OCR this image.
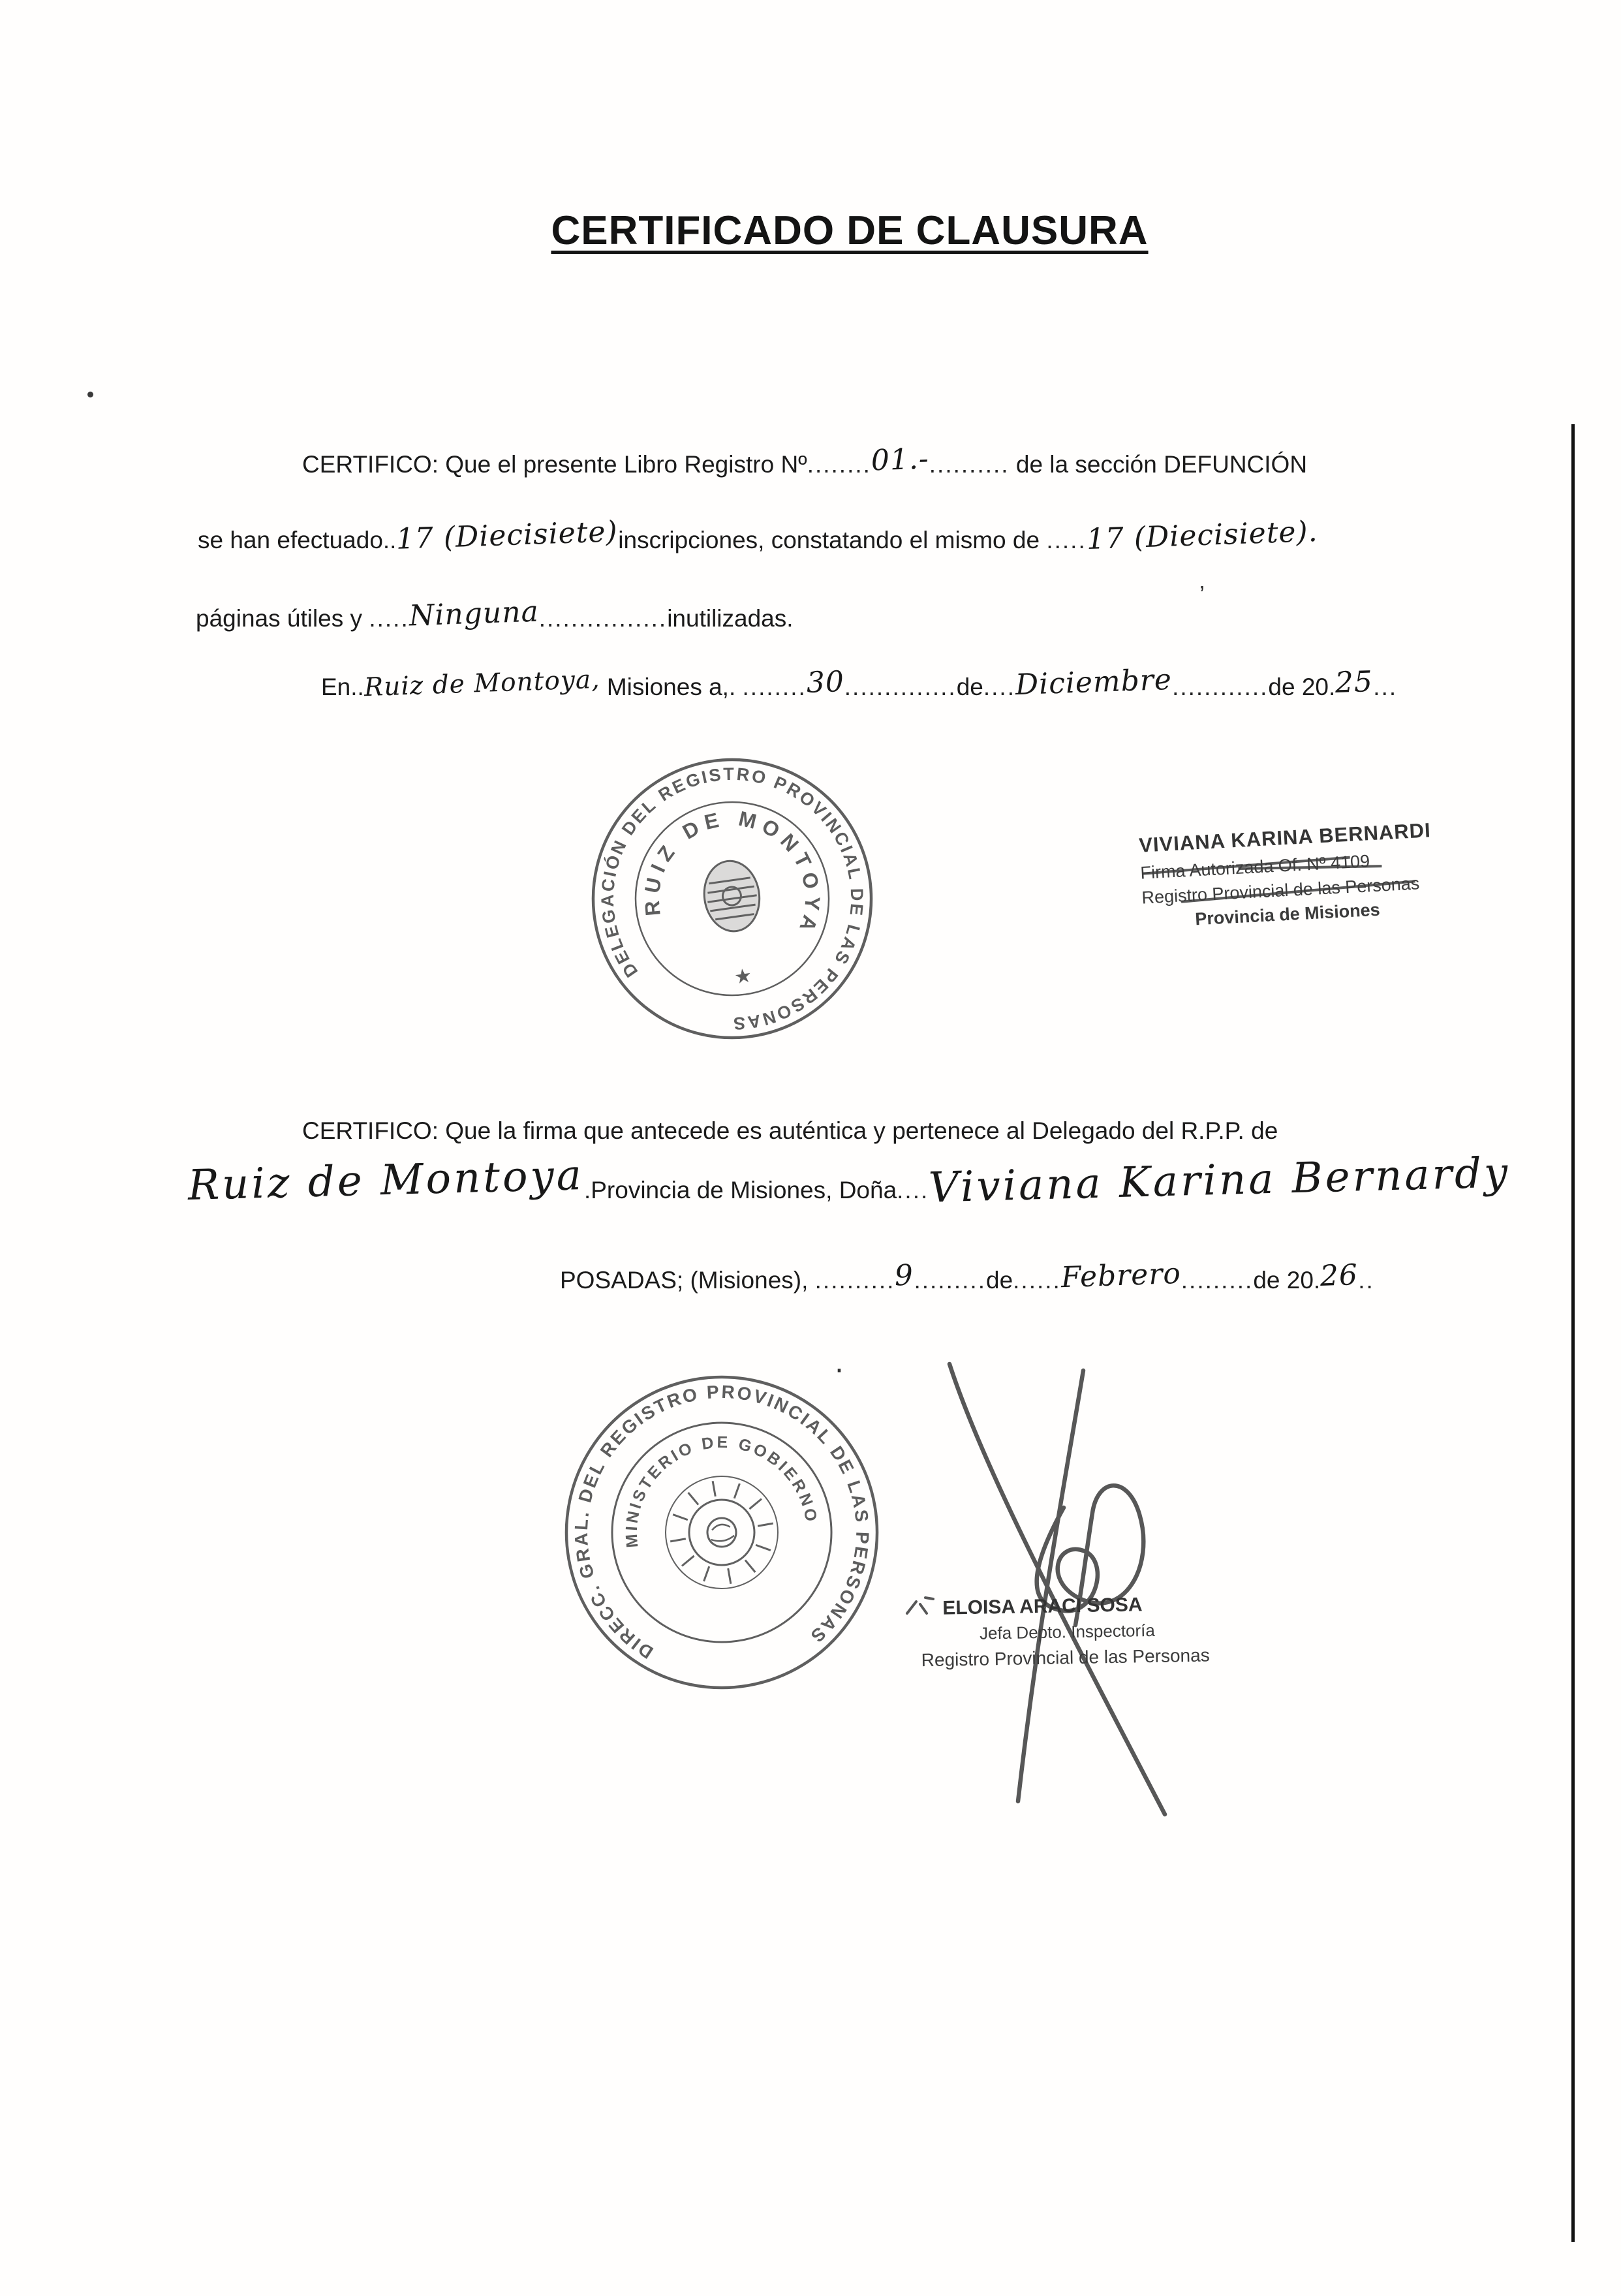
’
·
CERTIFICADO DE CLAUSURA
CERTIFICO: Que el presente Libro Registro Nº........01.-.......... de la sección DEFUNCIÓN
se han efectuado..17 (Diecisiete)inscripciones, constatando el mismo de .....17 (Diecisiete).
páginas útiles y .....Ninguna................inutilizadas.
En..Ruiz de Montoya, Misiones a,. ........30..............de....Diciembre............de 20.25...
DELEGACIÓN DEL REGISTRO PROVINCIAL DE LAS PERSONAS
RUIZ DE MONTOYA
★
VIVIANA KARINA BERNARDI
Firma Autorizada Of. Nº 4109
Registro Provincial de las Personas
Provincia de Misiones
CERTIFICO: Que la firma que antecede es auténtica y pertenece al Delegado del R.P.P. de
Ruiz de Montoya.Provincia de Misiones, Doña....Viviana Karina Bernardy
POSADAS; (Misiones), ..........9.........de......Febrero.........de 20.26..
DIRECC. GRAL. DEL REGISTRO PROVINCIAL DE LAS PERSONAS
MINISTERIO DE GOBIERNO
ELOISA ARACI SOSA
Jefa Depto. Inspectoría
Registro Provincial de las Personas
